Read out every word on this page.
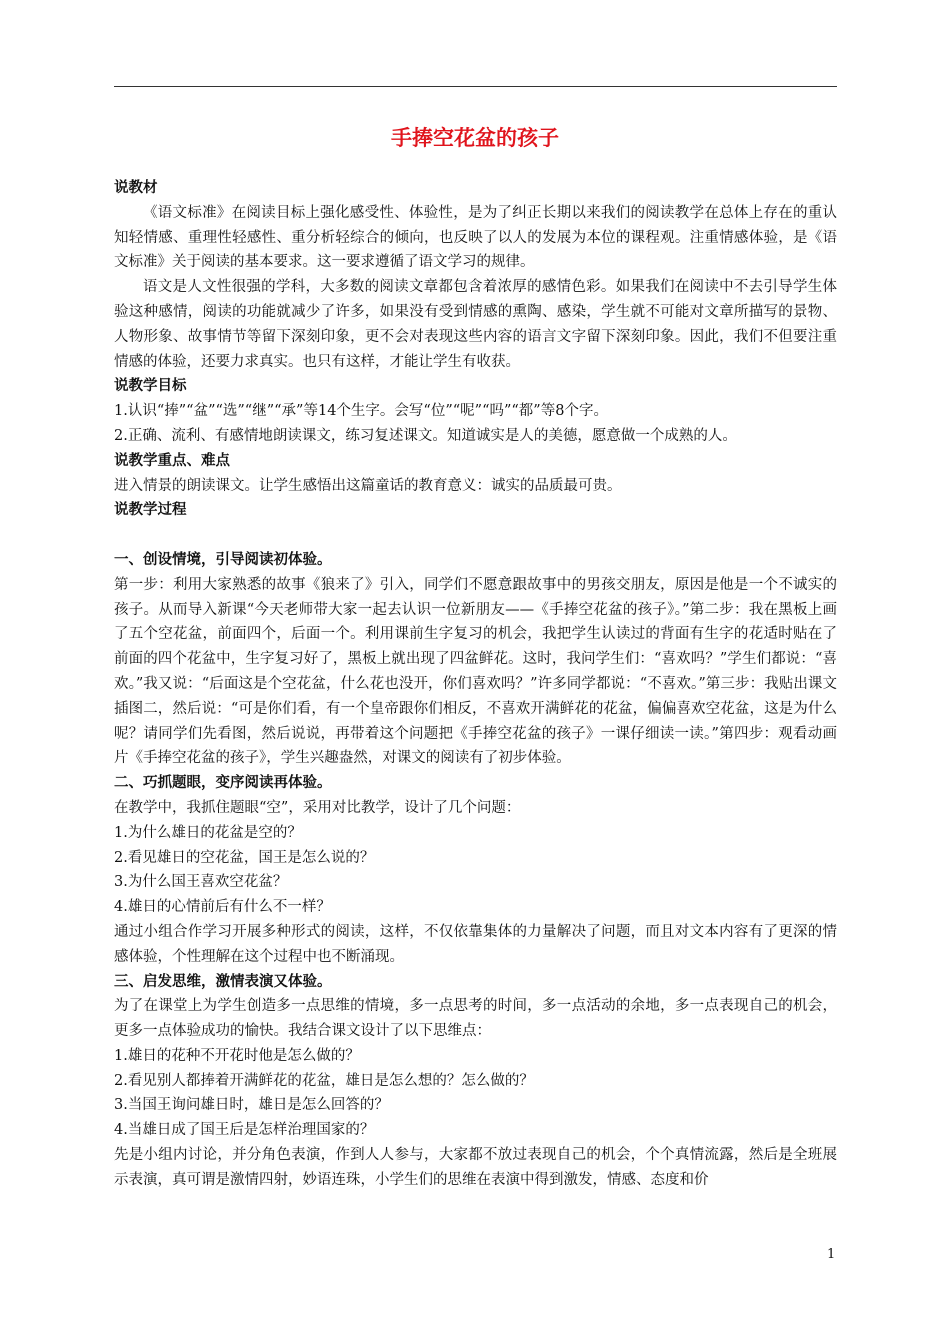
手捧空花盆的孩子

说教材

《语文标准》在阅读目标上强化感受性、体验性，是为了纠正长期以来我们的阅读教学在总体上存在的重认知轻情感、重理性轻感性、重分析轻综合的倾向，也反映了以人的发展为本位的课程观。注重情感体验，是《语文标准》关于阅读的基本要求。这一要求遵循了语文学习的规律。

语文是人文性很强的学科，大多数的阅读文章都包含着浓厚的感情色彩。如果我们在阅读中不去引导学生体验这种感情，阅读的功能就减少了许多，如果没有受到情感的熏陶、感染，学生就不可能对文章所描写的景物、人物形象、故事情节等留下深刻印象，更不会对表现这些内容的语言文字留下深刻印象。因此，我们不但要注重情感的体验，还要力求真实。也只有这样，才能让学生有收获。

说教学目标

1.认识“捧”“盆”“选”“继”“承”等14个生字。会写“位”“呢”“吗”“都”等8个字。

2.正确、流利、有感情地朗读课文，练习复述课文。知道诚实是人的美德，愿意做一个成熟的人。

说教学重点、难点

进入情景的朗读课文。让学生感悟出这篇童话的教育意义：诚实的品质最可贵。

说教学过程

一、创设情境，引导阅读初体验。

第一步：利用大家熟悉的故事《狼来了》引入，同学们不愿意跟故事中的男孩交朋友，原因是他是一个不诚实的孩子。从而导入新课“今天老师带大家一起去认识一位新朋友——《手捧空花盆的孩子》。”第二步：我在黑板上画了五个空花盆，前面四个，后面一个。利用课前生字复习的机会，我把学生认读过的背面有生字的花适时贴在了前面的四个花盆中，生字复习好了，黑板上就出现了四盆鲜花。这时，我问学生们：“喜欢吗？”学生们都说：“喜欢。”我又说：“后面这是个空花盆，什么花也没开，你们喜欢吗？”许多同学都说：“不喜欢。”第三步：我贴出课文插图二，然后说：“可是你们看，有一个皇帝跟你们相反，不喜欢开满鲜花的花盆，偏偏喜欢空花盆，这是为什么呢？请同学们先看图，然后说说，再带着这个问题把《手捧空花盆的孩子》一课仔细读一读。”第四步：观看动画片《手捧空花盆的孩子》，学生兴趣盎然，对课文的阅读有了初步体验。

二、巧抓题眼，变序阅读再体验。

在教学中，我抓住题眼“空”，采用对比教学，设计了几个问题：

1.为什么雄日的花盆是空的？

2.看见雄日的空花盆，国王是怎么说的？

3.为什么国王喜欢空花盆？

4.雄日的心情前后有什么不一样？

通过小组合作学习开展多种形式的阅读，这样，不仅依靠集体的力量解决了问题，而且对文本内容有了更深的情感体验，个性理解在这个过程中也不断涌现。

三、启发思维，激情表演又体验。

为了在课堂上为学生创造多一点思维的情境，多一点思考的时间，多一点活动的余地，多一点表现自己的机会，更多一点体验成功的愉快。我结合课文设计了以下思维点：

1.雄日的花种不开花时他是怎么做的？

2.看见别人都捧着开满鲜花的花盆，雄日是怎么想的？怎么做的？

3.当国王询问雄日时，雄日是怎么回答的？

4.当雄日成了国王后是怎样治理国家的？

先是小组内讨论，并分角色表演，作到人人参与，大家都不放过表现自己的机会，个个真情流露，然后是全班展示表演，真可谓是激情四射，妙语连珠，小学生们的思维在表演中得到激发，情感、态度和价

1
